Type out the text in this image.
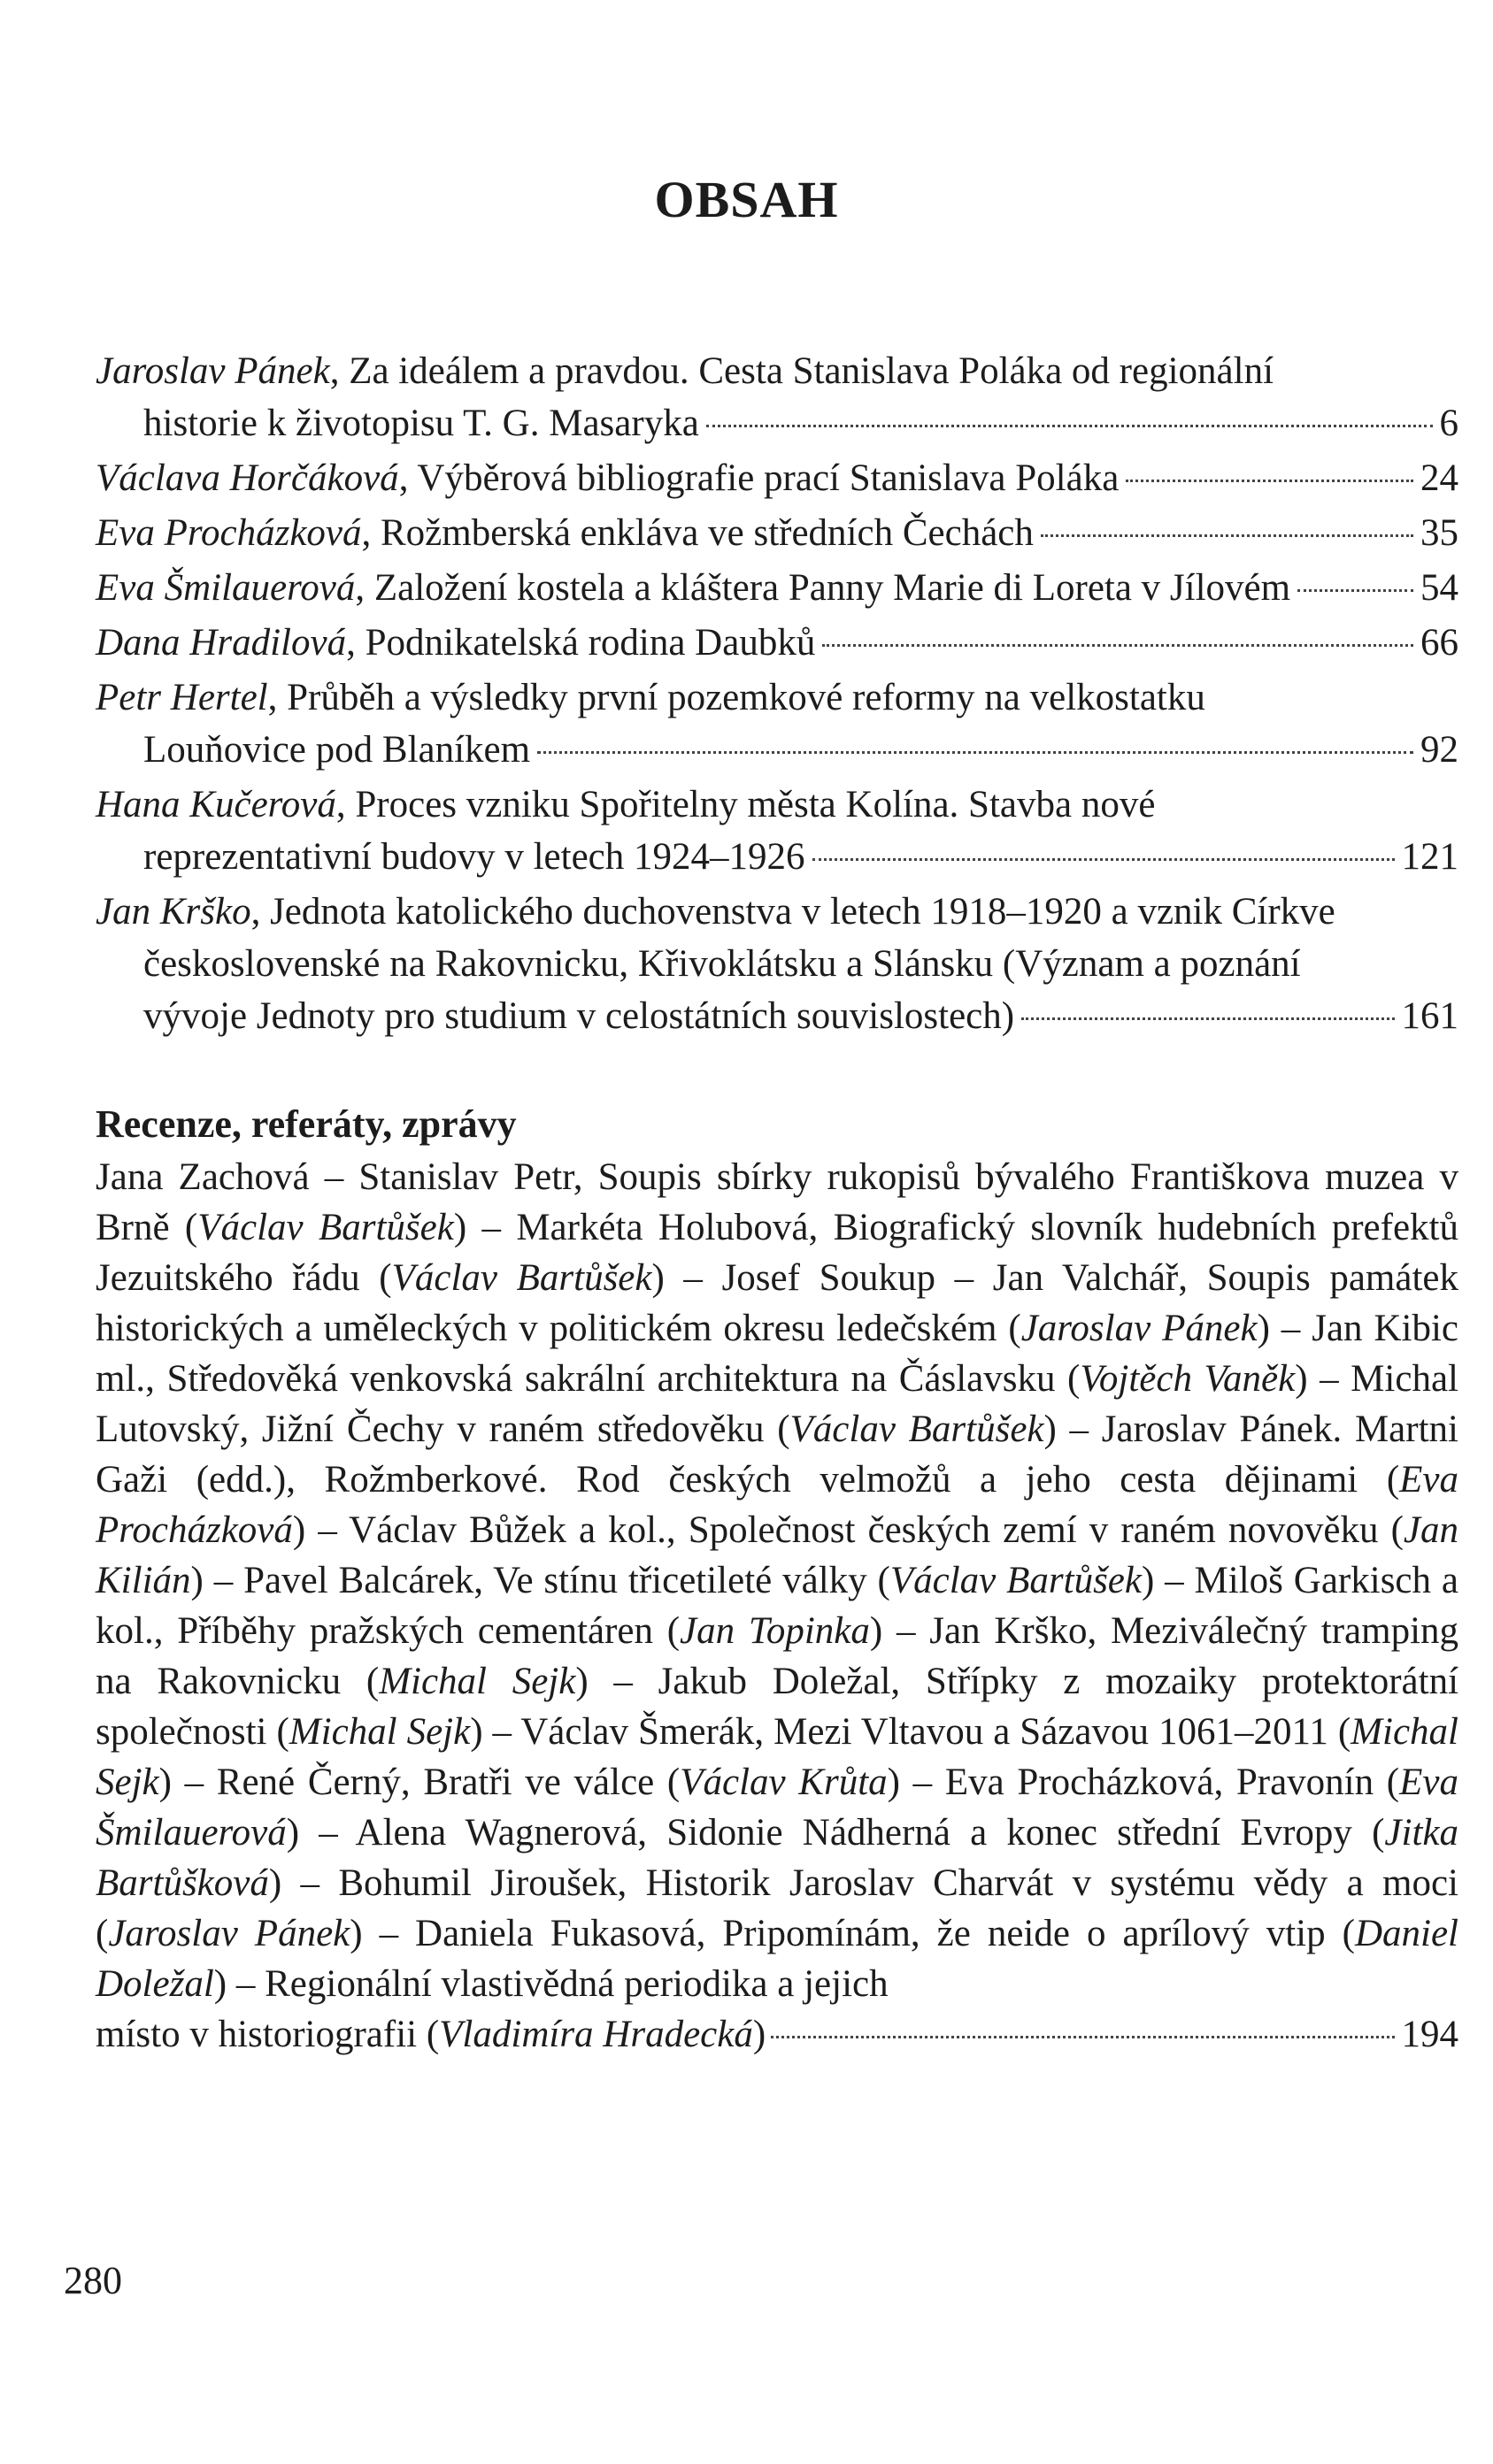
OBSAH
Jaroslav Pánek, Za ideálem a pravdou. Cesta Stanislava Poláka od regionální
historie k životopisu T. G. Masaryka	6
Václava Horčáková, Výběrová bibliografie prací Stanislava Poláka	24
Eva Procházková, Rožmberská enkláva ve středních Čechách	35
Eva Šmilauerová, Založení kostela a kláštera Panny Marie di Loreta v Jílovém	54
Dana Hradilová, Podnikatelská rodina Daubků	66
Petr Hertel, Průběh a výsledky první pozemkové reformy na velkostatku
Louňovice pod Blaníkem	92
Hana Kučerová, Proces vzniku Spořitelny města Kolína. Stavba nové
reprezentativní budovy v letech 1924–1926	121
Jan Krško, Jednota katolického duchovenstva v letech 1918–1920 a vznik Církve
československé na Rakovnicku, Křivoklátsku a Slánsku (Význam a poznání
vývoje Jednoty pro studium v celostátních souvislostech)	161
Recenze, referáty, zprávy
Jana Zachová – Stanislav Petr, Soupis sbírky rukopisů bývalého Františkova muzea v Brně (Václav Bartůšek) – Markéta Holubová, Biografický slovník hudebních prefektů Jezuitského řádu (Václav Bartůšek) – Josef Soukup – Jan Valchář, Soupis památek historických a uměleckých v politickém okresu ledečském (Jaroslav Pánek) – Jan Kibic ml., Středověká venkovská sakrální architektura na Čáslavsku (Vojtěch Vaněk) – Michal Lutovský, Jižní Čechy v raném středověku (Václav Bartůšek) – Jaroslav Pánek. Martni Gaži (edd.), Rožmberkové. Rod českých velmožů a jeho cesta dějinami (Eva Procházková) – Václav Bůžek a kol., Společnost českých zemí v raném novověku (Jan Kilián) – Pavel Balcárek, Ve stínu třicetileté války (Václav Bartůšek) – Miloš Garkisch a kol., Příběhy pražských cementáren (Jan Topinka) – Jan Krško, Meziválečný tramping na Rakovnicku (Michal Sejk) – Jakub Doležal, Střípky z mozaiky protektorátní společnosti (Michal Sejk) – Václav Šmerák, Mezi Vltavou a Sázavou 1061–2011 (Michal Sejk) – René Černý, Bratři ve válce (Václav Krůta) – Eva Procházková, Pravonín (Eva Šmilauerová) – Alena Wagnerová, Sidonie Nádherná a konec střední Evropy (Jitka Bartůšková) – Bohumil Jiroušek, Historik Jaroslav Charvát v systému vědy a moci (Jaroslav Pánek) – Daniela Fukasová, Pripomínám, že neide o aprílový vtip (Daniel Doležal) – Regionální vlastivědná periodika a jejich
místo v historiografii (Vladimíra Hradecká)	194
280
